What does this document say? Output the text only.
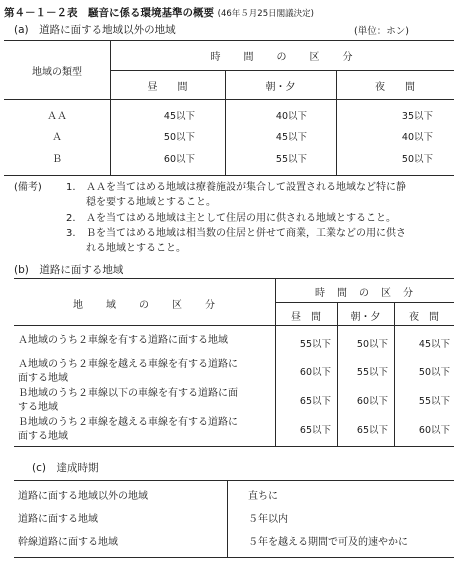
第４－１－２表　騒音に係る環境基準の概要 (46年５月25日閣議決定)
(a)　道路に面する地域以外の地域	(単位：ホン)
地域の類型
時　　間　　の　　区　　分
昼　　間	朝・夕	夜　　間
ＡＡ	45以下	40以下	35以下
Ａ	50以下	45以下	40以下
Ｂ	60以下	55以下	50以下
(備考) 1. ＡＡを当てはめる地域は療養施設が集合して設置される地域など特に静
穏を要する地域とすること。
2. Ａを当てはめる地域は主として住居の用に供される地域とすること。
3. Ｂを当てはめる地域は相当数の住居と併せて商業，工業などの用に供さ
れる地域とすること。
(b)　道路に面する地域
地　　域　　の　　区　　分
時　間　の　区　分
昼　間	朝・夕	夜　間
Ａ地域のうち２車線を有する道路に面する地域	55以下	50以下	45以下
Ａ地域のうち２車線を越える車線を有する道路に
面する地域
60以下	55以下	50以下
Ｂ地域のうち２車線以下の車線を有する道路に面
する地域
65以下	60以下	55以下
Ｂ地域のうち２車線を越える車線を有する道路に
面する地域
65以下	65以下	60以下
(c)　達成時期
道路に面する地域以外の地域	直ちに
道路に面する地域	５年以内
幹線道路に面する地域	５年を越える期間で可及的速やかに
